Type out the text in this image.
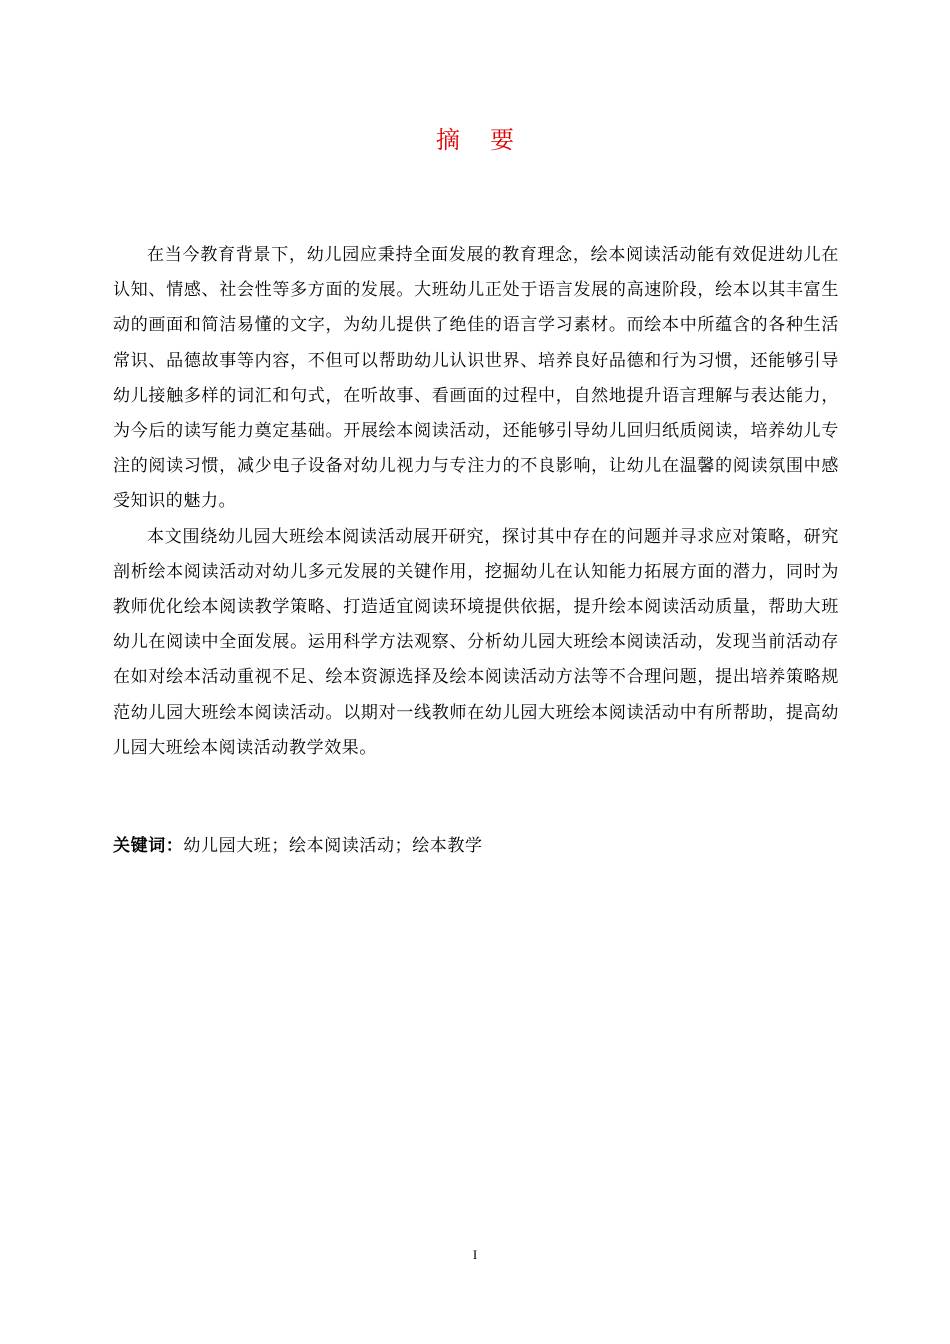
摘要

在当今教育背景下，幼儿园应秉持全面发展的教育理念，绘本阅读活动能有效促进幼儿在认知、情感、社会性等多方面的发展。大班幼儿正处于语言发展的高速阶段，绘本以其丰富生动的画面和简洁易懂的文字，为幼儿提供了绝佳的语言学习素材。而绘本中所蕴含的各种生活常识、品德故事等内容，不但可以帮助幼儿认识世界、培养良好品德和行为习惯，还能够引导幼儿接触多样的词汇和句式，在听故事、看画面的过程中，自然地提升语言理解与表达能力，为今后的读写能力奠定基础。开展绘本阅读活动，还能够引导幼儿回归纸质阅读，培养幼儿专注的阅读习惯，减少电子设备对幼儿视力与专注力的不良影响，让幼儿在温馨的阅读氛围中感受知识的魅力。

本文围绕幼儿园大班绘本阅读活动展开研究，探讨其中存在的问题并寻求应对策略，研究剖析绘本阅读活动对幼儿多元发展的关键作用，挖掘幼儿在认知能力拓展方面的潜力，同时为教师优化绘本阅读教学策略、打造适宜阅读环境提供依据，提升绘本阅读活动质量，帮助大班幼儿在阅读中全面发展。运用科学方法观察、分析幼儿园大班绘本阅读活动，发现当前活动存在如对绘本活动重视不足、绘本资源选择及绘本阅读活动方法等不合理问题，提出培养策略规范幼儿园大班绘本阅读活动。以期对一线教师在幼儿园大班绘本阅读活动中有所帮助，提高幼儿园大班绘本阅读活动教学效果。

关键词：幼儿园大班；绘本阅读活动；绘本教学
I
